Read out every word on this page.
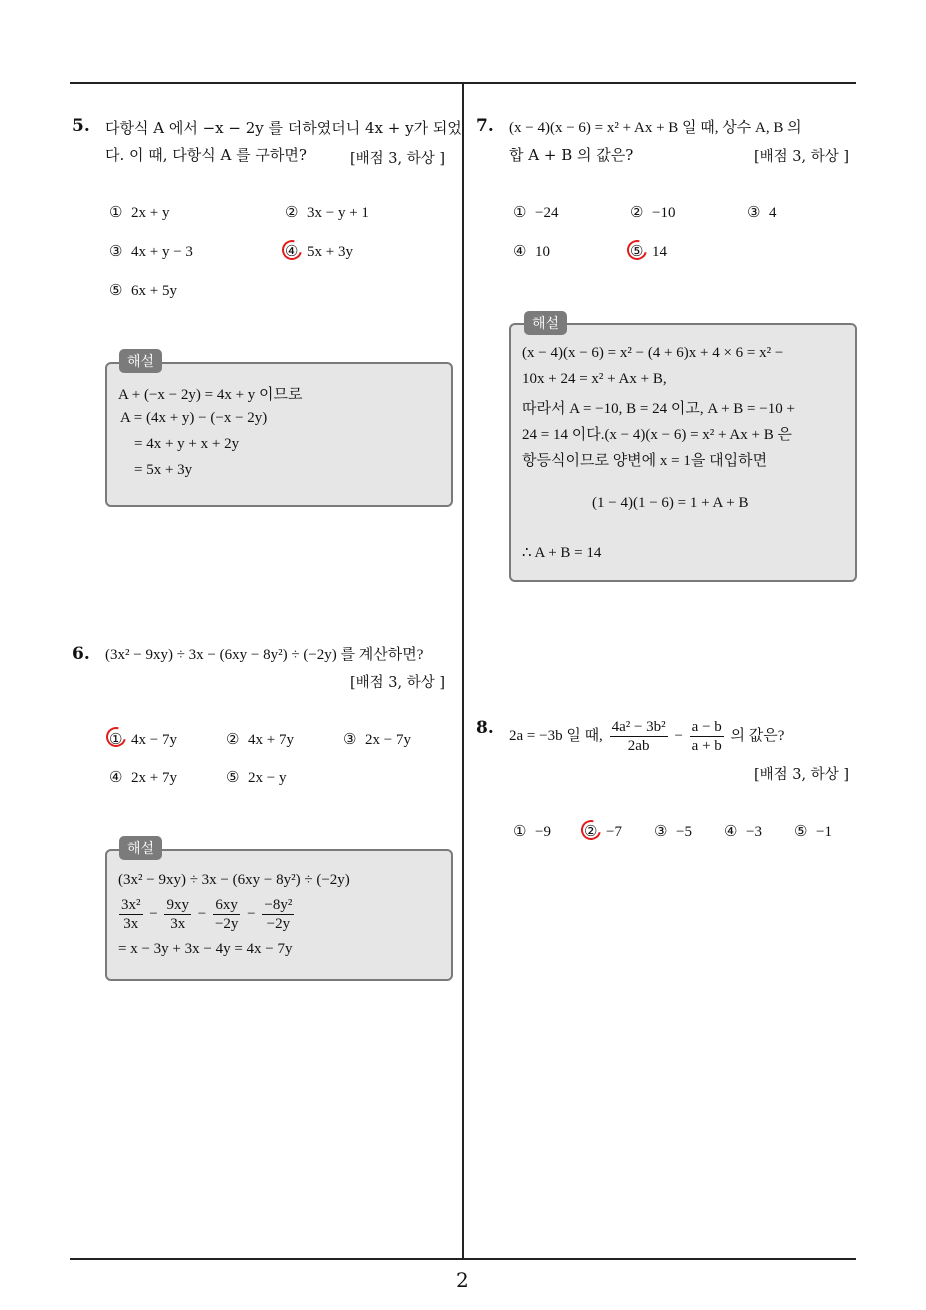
2
5. 다항식 A 에서 −x − 2y 를 더하였더니 4x + y가 되었
다. 이 때, 다항식 A 를 구하면?	[배점 3, 하상 ]
① 2x + y	② 3x − y + 1
③ 4x + y − 3	④ 5x + 3y
⑤ 6x + 5y
해설
A + (−x − 2y) = 4x + y 이므로
A = (4x + y) − (−x − 2y)
= 4x + y + x + 2y
= 5x + 3y
6. (3x² − 9xy) ÷ 3x − (6xy − 8y²) ÷ (−2y) 를 계산하면?
[배점 3, 하상 ]
① 4x − 7y	② 4x + 7y	③ 2x − 7y
④ 2x + 7y	⑤ 2x − y
해설
(3x² − 9xy) ÷ 3x − (6xy − 8y²) ÷ (−2y)
$\frac{\text{3x²}}{3x} - \frac{9xy}{3x} - \frac{6xy}{-2y} - \frac{\text{−8y²}}{-2y}$
= x − 3y + 3x − 4y = 4x − 7y
7. (x − 4)(x − 6) = x² + Ax + B 일 때, 상수 A, B 의
합 A + B 의 값은?	[배점 3, 하상 ]
① −24	② −10	③ 4
④ 10	⑤ 14
해설
(x − 4)(x − 6) = x² − (4 + 6)x + 4 × 6 = x² −
10x + 24 = x² + Ax + B,
따라서 A = −10, B = 24 이고, A + B = −10 +
24 = 14 이다.(x − 4)(x − 6) = x² + Ax + B 은
항등식이므로 양변에 x = 1을 대입하면
(1 − 4)(1 − 6) = 1 + A + B
∴ A + B = 14
8. 2a = −3b 일 때, $\frac{\text{4a² − 3b²}}{2ab} - \frac{a - b}{a + b}$ 의 값은?
[배점 3, 하상 ]
① −9 ② −7 ③ −5 ④ −3 ⑤ −1
